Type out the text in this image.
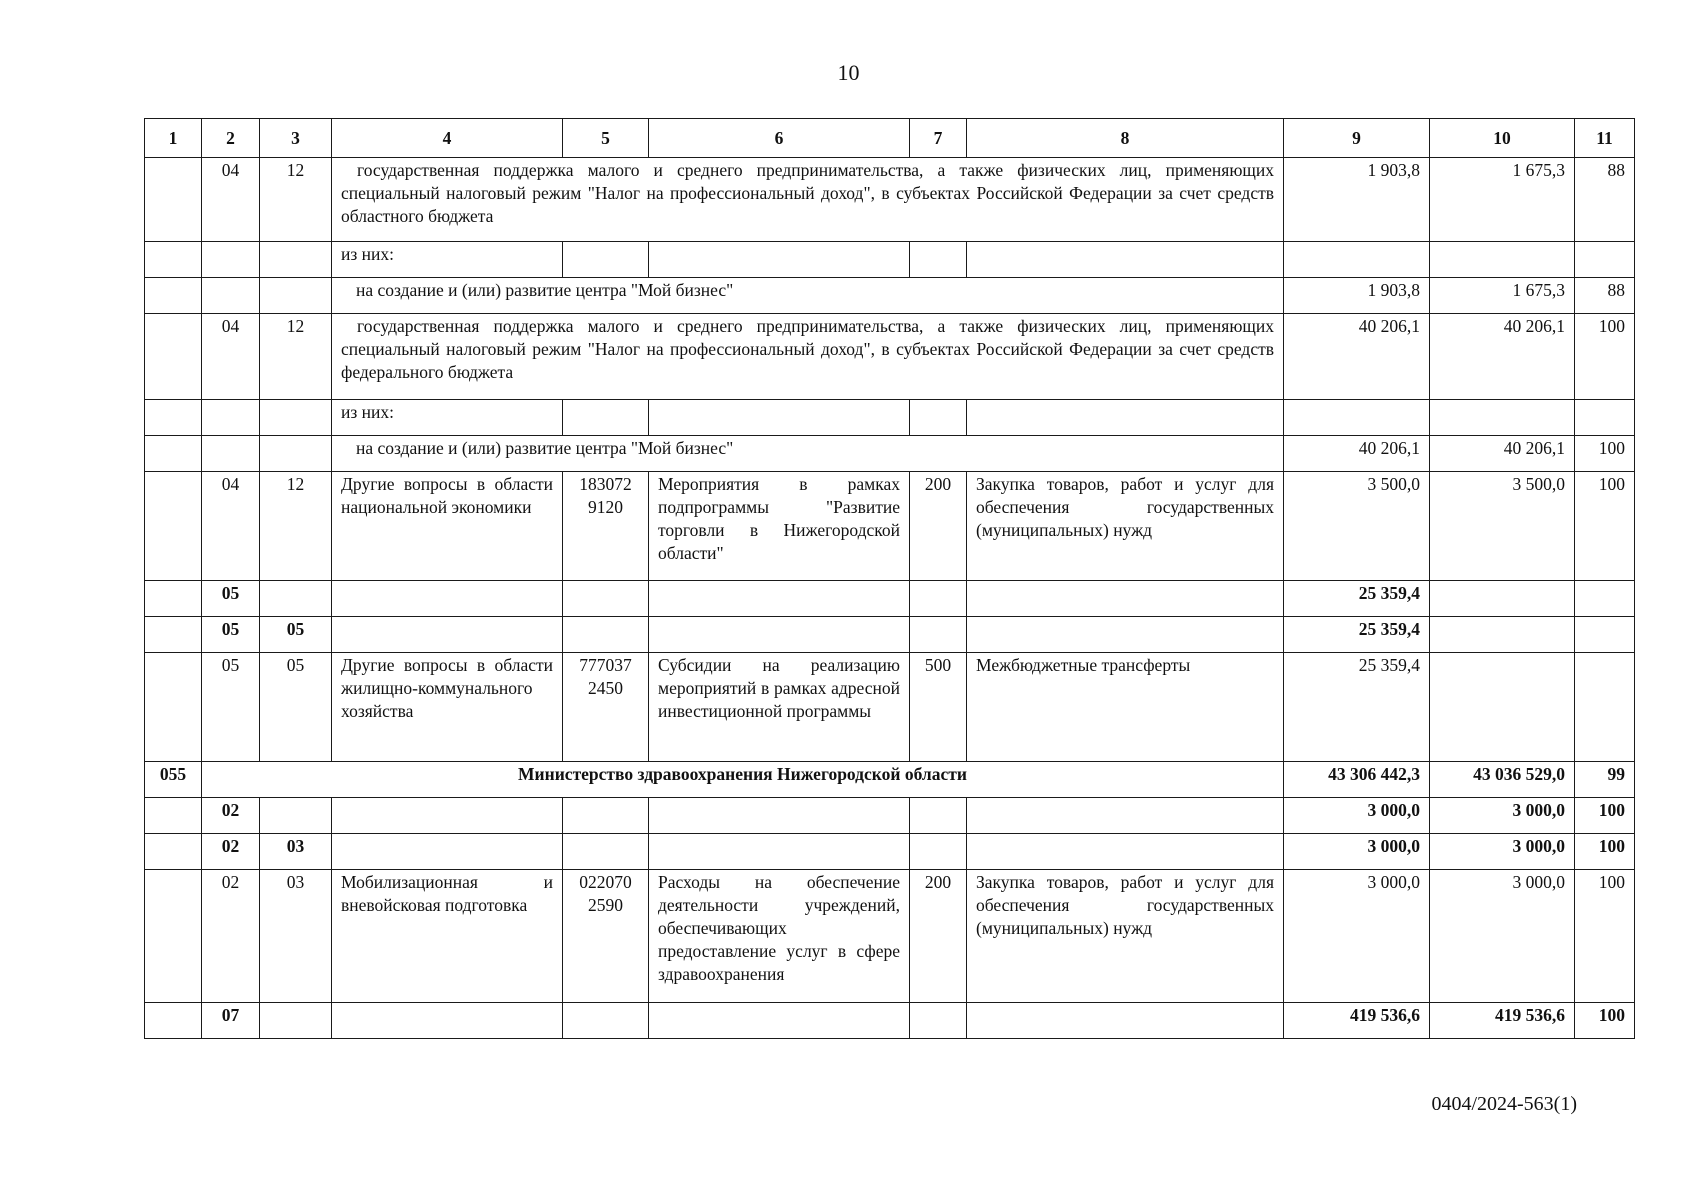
10
1	2	3	4	5	6	7	8	9	10	11
	04	12	государственная поддержка малого и среднего предпринимательства, а также физических лиц, применяющих специальный налоговый режим "Налог на профессиональный доход", в субъектах Российской Федерации за счет средств областного бюджета					1 903,8	1 675,3	88
			из них:							
			на создание и (или) развитие центра "Мой бизнес"					1 903,8	1 675,3	88
	04	12	государственная поддержка малого и среднего предпринимательства, а также физических лиц, применяющих специальный налоговый режим "Налог на профессиональный доход", в субъектах Российской Федерации за счет средств федерального бюджета					40 206,1	40 206,1	100
			из них:							
			на создание и (или) развитие центра "Мой бизнес"					40 206,1	40 206,1	100
	04	12	Другие вопросы в области национальной экономики	183072 9120	Мероприятия в рамках подпрограммы "Развитие торговли в Нижегородской области"	200	Закупка товаров, работ и услуг для обеспечения государственных (муниципальных) нужд	3 500,0	3 500,0	100
	05							25 359,4		
	05	05						25 359,4		
	05	05	Другие вопросы в области жилищно-коммунального хозяйства	777037 2450	Субсидии на реализацию мероприятий в рамках адресной инвестиционной программы	500	Межбюджетные трансферты	25 359,4		
055	Министерство здравоохранения Нижегородской области							43 306 442,3	43 036 529,0	99
	02							3 000,0	3 000,0	100
	02	03						3 000,0	3 000,0	100
	02	03	Мобилизационная и вневойсковая подготовка	022070 2590	Расходы на обеспечение деятельности учреждений, обеспечивающих предоставление услуг в сфере здравоохранения	200	Закупка товаров, работ и услуг для обеспечения государственных (муниципальных) нужд	3 000,0	3 000,0	100
	07							419 536,6	419 536,6	100
0404/2024-563(1)
